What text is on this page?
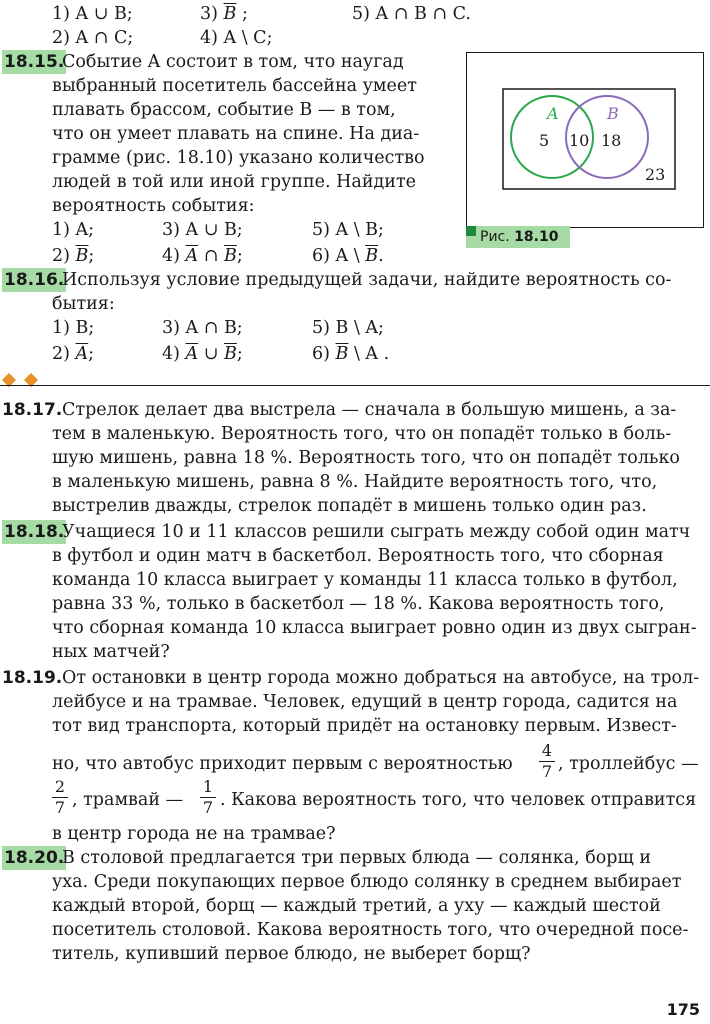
1) A ∪ B;	3) $\overline{B}$ ;	5) A ∩ B ∩ C.
2) A ∩ C;	4) A \ C;
18.15.
Событие A состоит в том, что наугад
выбранный посетитель бассейна умеет
плавать брассом, событие B — в том,
что он умеет плавать на спине. На диа-
грамме (рис. 18.10) указано количество
людей в той или иной группе. Найдите
вероятность события:
1) A;	3) A ∪ B;	5) A \ B;
2) $\overline{B}$;	4) $\overline{A}$ ∩ $\overline{B}$;	6) A \ $\overline{B}$.
A	B
5 10 18
23
Рис. 18.10
18.16.
Используя условие предыдущей задачи, найдите вероятность со-
бытия:
1) B;	3) A ∩ B;	5) B \ A;
2) $\overline{A}$;	4) $\overline{A}$ ∪ $\overline{B}$;	6) $\overline{B}$ \ A .
18.17. Стрелок делает два выстрела — сначала в большую мишень, а за-
тем в маленькую. Вероятность того, что он попадёт только в боль-
шую мишень, равна 18 %. Вероятность того, что он попадёт только
в маленькую мишень, равна 8 %. Найдите вероятность того, что,
выстрелив дважды, стрелок попадёт в мишень только один раз.
18.18.
Учащиеся 10 и 11 классов решили сыграть между собой один матч
в футбол и один матч в баскетбол. Вероятность того, что сборная
команда 10 класса выиграет у команды 11 класса только в футбол,
равна 33 %, только в баскетбол — 18 %. Какова вероятность того,
что сборная команда 10 класса выиграет ровно один из двух сыгран-
ных матчей?
18.19. От остановки в центр города можно добраться на автобусе, на трол-
лейбусе и на трамвае. Человек, едущий в центр города, садится на
тот вид транспорта, который придёт на остановку первым. Извест-
но, что автобус приходит первым с вероятностью
4
7 , троллейбус —
2
7 , трамвай —
1
7 . Какова вероятность того, что человек отправится
в центр города не на трамвае?
18.20.
В столовой предлагается три первых блюда — солянка, борщ и
уха. Среди покупающих первое блюдо солянку в среднем выбирает
каждый второй, борщ — каждый третий, а уху — каждый шестой
посетитель столовой. Какова вероятность того, что очередной посе-
титель, купивший первое блюдо, не выберет борщ?
175
